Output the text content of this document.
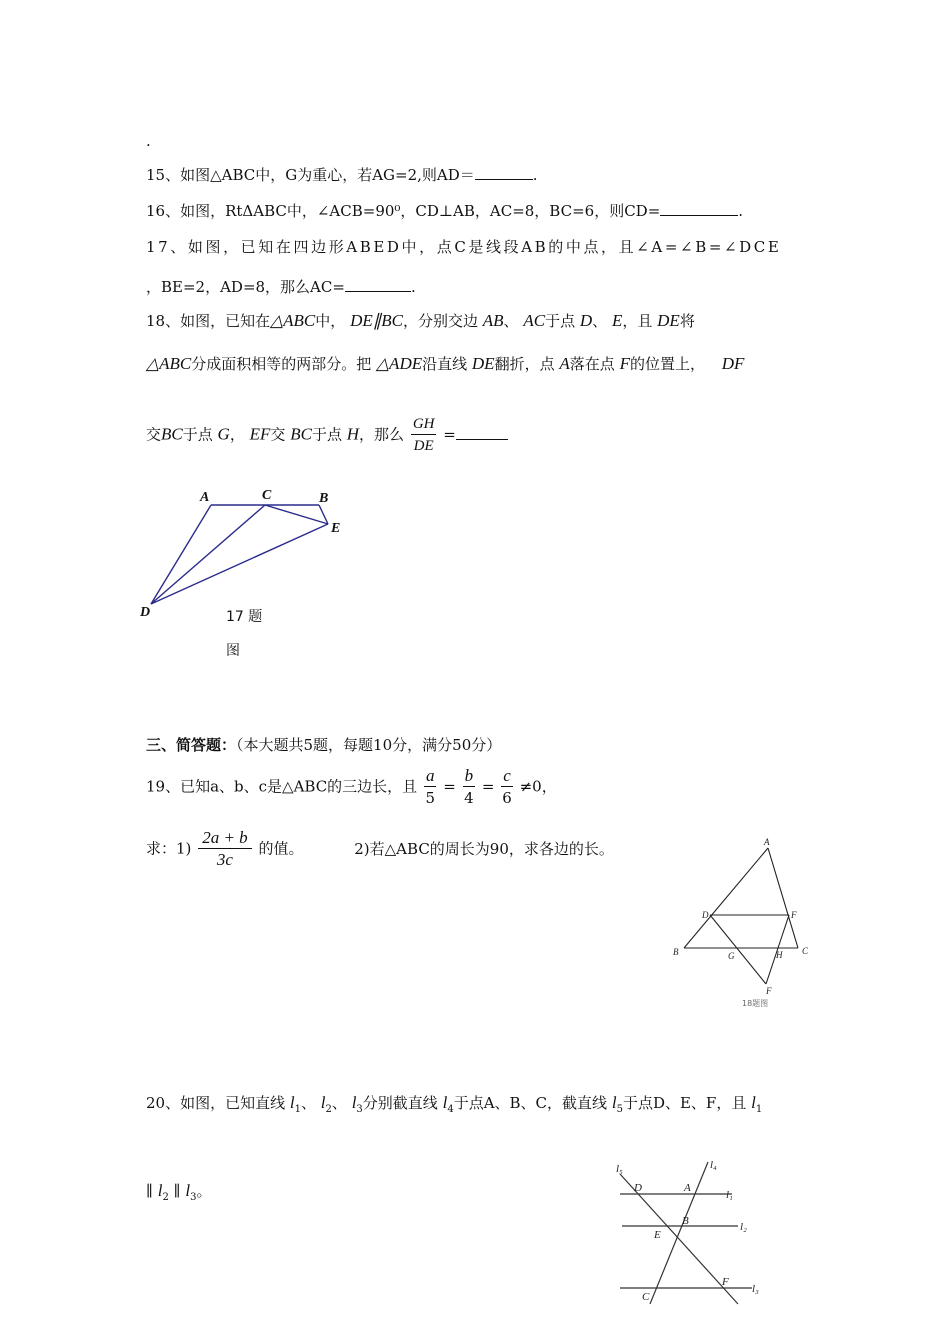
.
15、如图△ABC中，G为重心，若AG=2,则AD＝	.
16、如图，RtΔABC中，∠ACB=90⁰，CD⊥AB，AC=8，BC=6，则CD=	.
17、如图，已知在四边形ABED中，点C是线段AB的中点，且∠A=∠B=∠DCE
，BE=2，AD=8，那么AC=	.
18、如图，已知在△ABC中， DE∥BC，分别交边 AB、 AC于点 D、 E，且 DE将
△ABC分成面积相等的两部分。把 △ADE沿直线 DE翻折，点 A落在点 F的位置上， DF
交BC于点 G， EF交 BC于点 H，那么 $\frac{GH}{DE}$ =
A	C	B
E
D	17 题
图
三、简答题：（本大题共5题，每题10分，满分50分）
19、已知a、b、c是△ABC的三边长，且 $\frac{a}{5} = \frac{b}{4} = \frac{c}{6} \ne 0$，
求：$1) \frac{2a + b}{3c}$ 的值。	2)若△ABC的周长为90，求各边的长。	A
D	F
B	G	H C
F
18题图
20、如图，已知直线 $l_1$、 $l_2$、 $l_3$分别截直线 $l_4$于点A、B、C，截直线 $l_5$于点D、E、F，且 $l_1$
∥ $l_2$ ∥ $l_3$。
l₅	l₄
D	A
l₁
B	l₂
E
F
l₃
C
